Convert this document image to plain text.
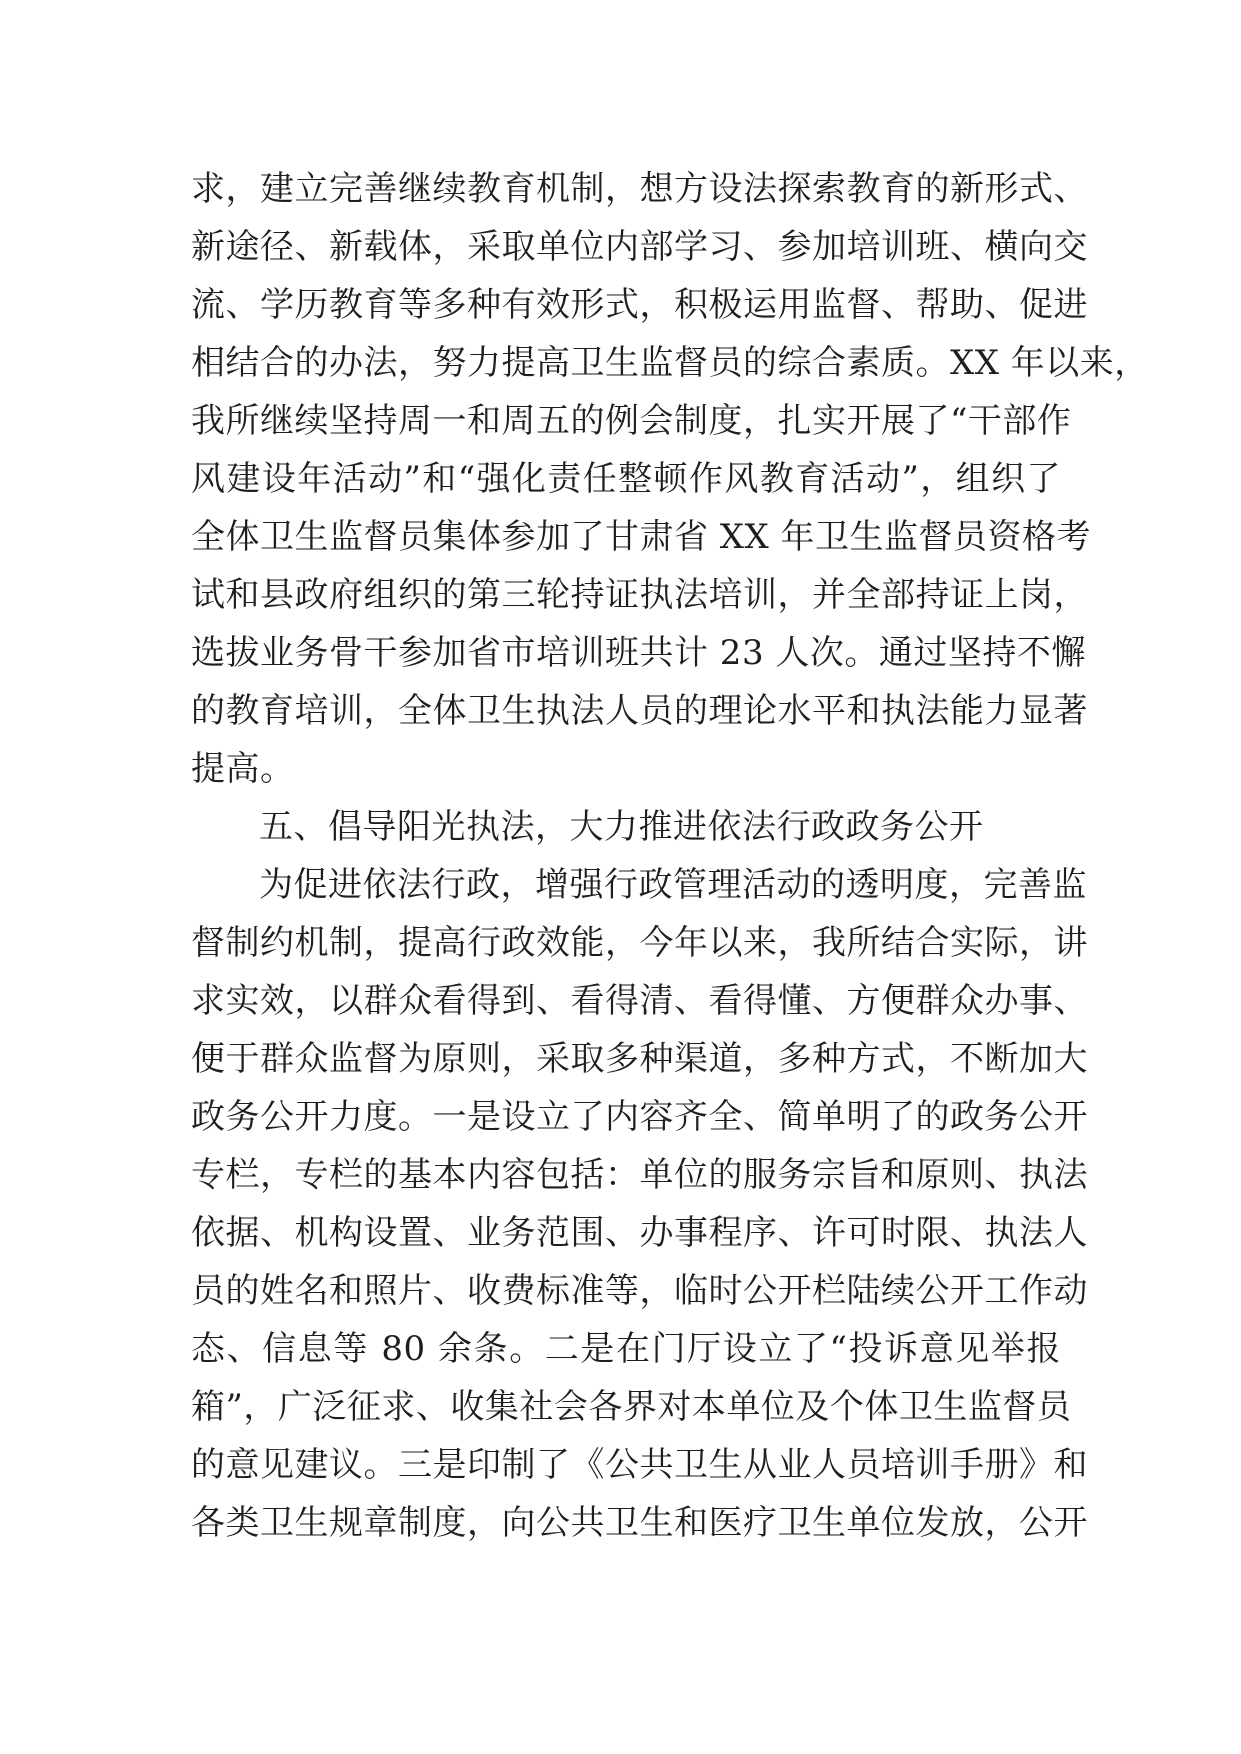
求，建立完善继续教育机制，想方设法探索教育的新形式、
新途径、新载体，采取单位内部学习、参加培训班、横向交
流、学历教育等多种有效形式，积极运用监督、帮助、促进
相结合的办法，努力提高卫生监督员的综合素质。XX 年以来，
我所继续坚持周一和周五的例会制度，扎实开展了“干部作
风建设年活动”和“强化责任整顿作风教育活动”，组织了
全体卫生监督员集体参加了甘肃省 XX 年卫生监督员资格考
试和县政府组织的第三轮持证执法培训，并全部持证上岗，
选拔业务骨干参加省市培训班共计 23 人次。通过坚持不懈
的教育培训，全体卫生执法人员的理论水平和执法能力显著
提高。
五、倡导阳光执法，大力推进依法行政政务公开
为促进依法行政，增强行政管理活动的透明度，完善监
督制约机制，提高行政效能，今年以来，我所结合实际，讲
求实效，以群众看得到、看得清、看得懂、方便群众办事、
便于群众监督为原则，采取多种渠道，多种方式，不断加大
政务公开力度。一是设立了内容齐全、简单明了的政务公开
专栏，专栏的基本内容包括：单位的服务宗旨和原则、执法
依据、机构设置、业务范围、办事程序、许可时限、执法人
员的姓名和照片、收费标准等，临时公开栏陆续公开工作动
态、信息等 80 余条。二是在门厅设立了“投诉意见举报
箱”，广泛征求、收集社会各界对本单位及个体卫生监督员
的意见建议。三是印制了《公共卫生从业人员培训手册》和
各类卫生规章制度，向公共卫生和医疗卫生单位发放，公开
